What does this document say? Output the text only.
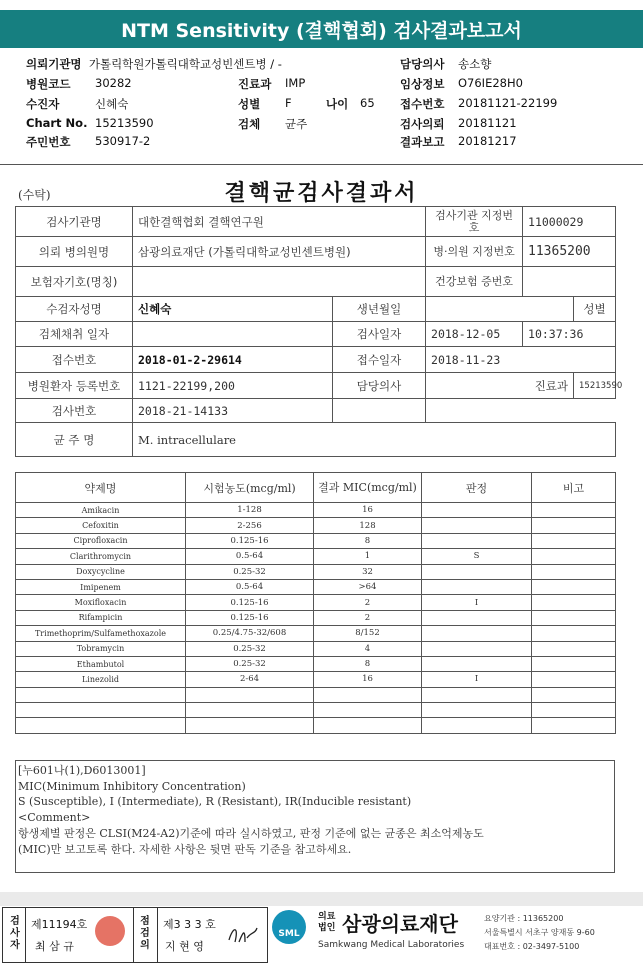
NTM Sensitivity (결핵협회) 검사결과보고서
의뢰기관명 가톨릭학원가톨릭대학교성빈센트병 / -
병원코드 30282
수진자	신혜숙
Chart No. 15213590
주민번호 530917-2
진료과 IMP
성별 F	나이 65
검체 균주
담당의사 송소향
임상정보 O76IE28H0
접수번호 20181121-22199
검사의뢰 20181121
결과보고 20181217
(수탁)	결핵균검사결과서
검사기관명	대한결핵협회 결핵연구원		검사기관 지정번호	11000029	
의뢰 병의원명	삼광의료재단 (가톨릭대학교성빈센트병원)		병·의원 지정번호	11365200	
보험자기호(명칭)			건강보험 증번호		
수검자성명	신혜숙	생년월일			성별
검체채취 일자		검사일자	2018-12-05	10:37:36	
접수번호	2018-01-2-29614	접수일자	2018-11-23		
병원환자 등록번호	1121-22199,200	담당의사	진료과		15213590
검사번호	2018-21-14133				
균 주 명	M. intracellulare				
약제명	시험농도(mcg/ml)	결과 MIC(mcg/ml)	판정	비고
Amikacin	1-128	16		
Cefoxitin	2-256	128		
Ciprofloxacin	0.125-16	8		
Clarithromycin	0.5-64	1	S	
Doxycycline	0.25-32	32		
Imipenem	0.5-64	>64		
Moxifloxacin	0.125-16	2	I	
Rifampicin	0.125-16	2		
Trimethoprim/Sulfamethoxazole	0.25/4.75-32/608	8/152		
Tobramycin	0.25-32	4		
Ethambutol	0.25-32	8		
Linezolid	2-64	16	I	

[누601나(1),D6013001]
MIC(Minimum Inhibitory Concentration)
S (Susceptible), I (Intermediate), R (Resistant), IR(Inducible resistant)
<Comment>
항생제별 판정은 CLSI(M24-A2)기준에 따라 실시하였고, 판정 기준에 없는 균종은 최소억제농도
(MIC)만 보고토록 한다. 자세한 사항은 뒷면 판독 기준을 참고하세요.
검
사
자
제11194호
최 삼 규
점
검
의
제3 3 3 호
지 현 영
SML
의료
법인 삼광의료재단
Samkwang Medical Laboratories
요양기관 : 11365200
서울특별시 서초구 양재동 9-60
대표번호 : 02-3497-5100
